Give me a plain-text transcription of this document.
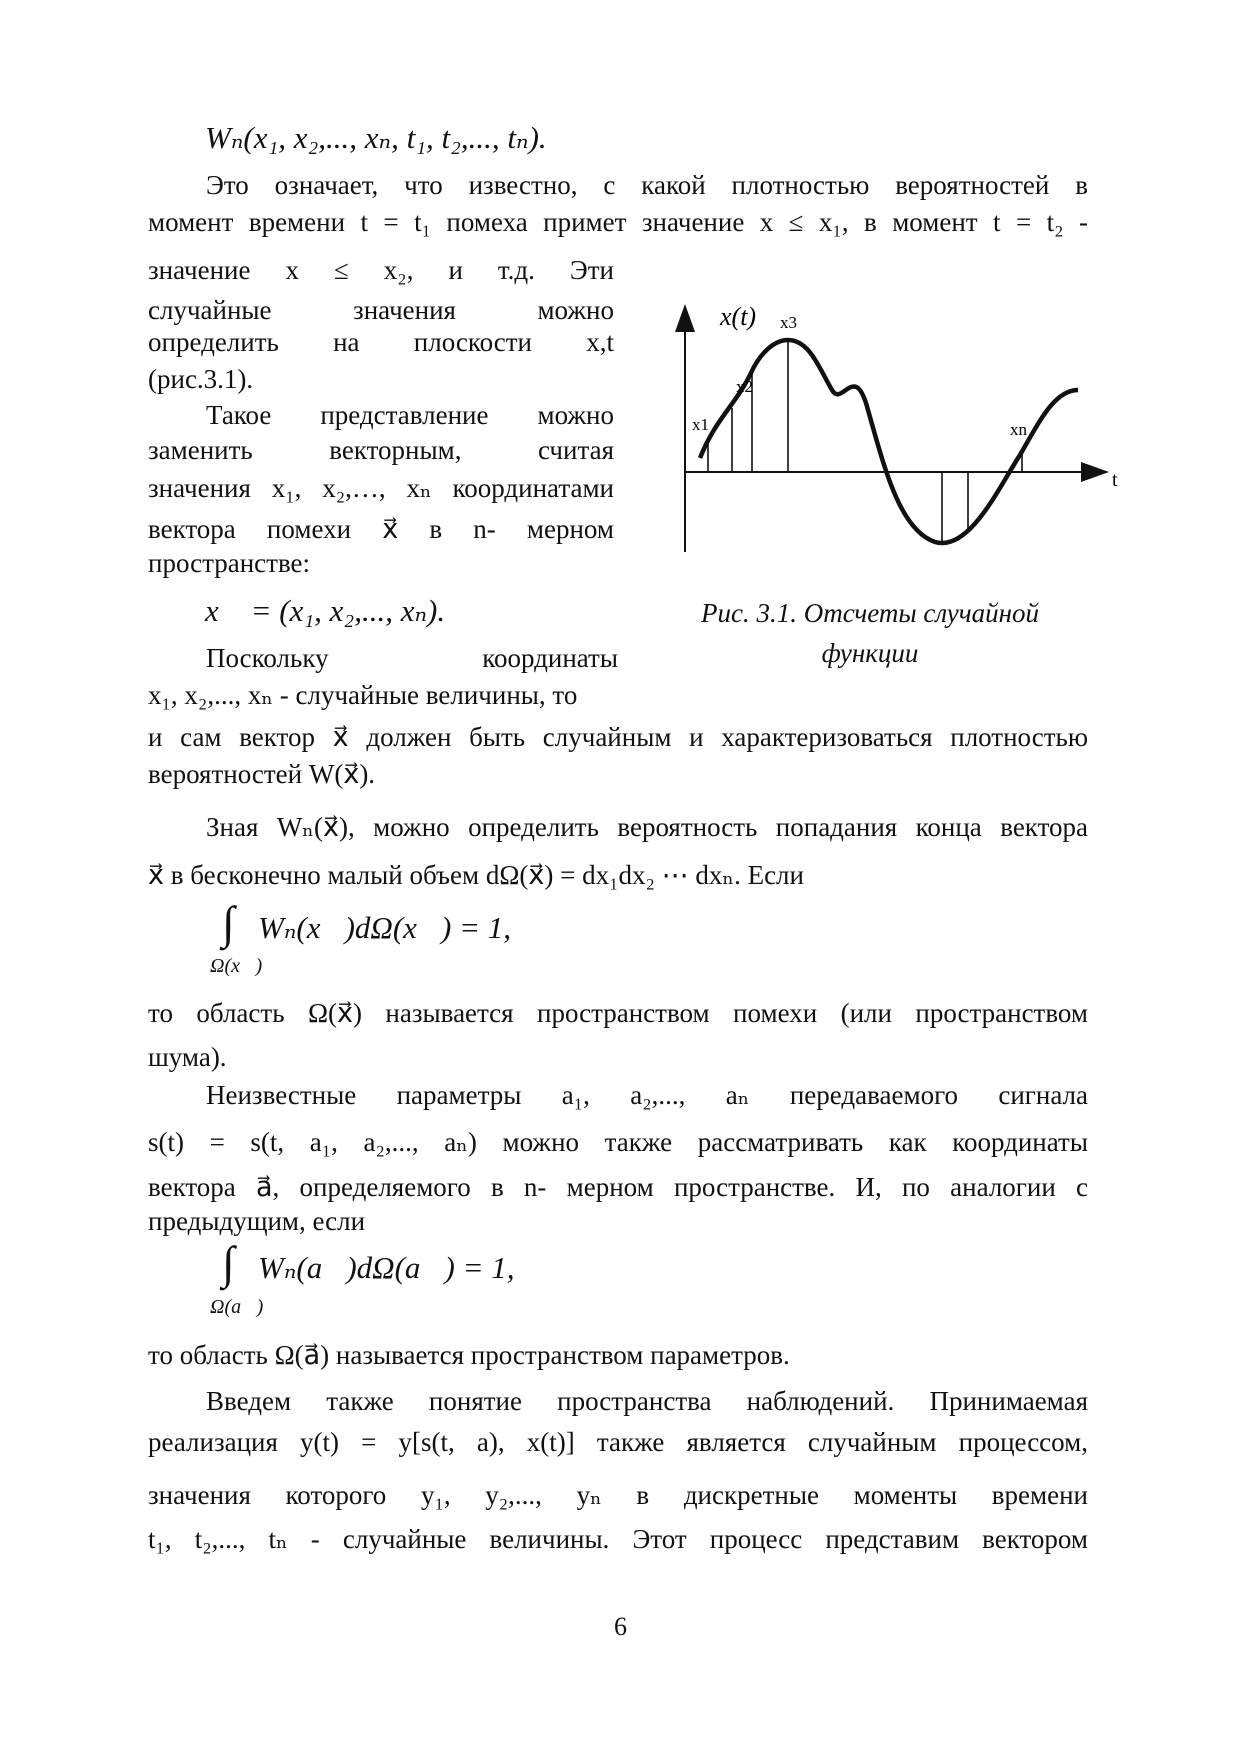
Wₙ(x₁, x₂,..., xₙ, t₁, t₂,..., tₙ).
Это означает, что известно, с какой плотностью вероятностей в
момент времени t = t₁ помеха примет значение x ≤ x₁, в момент t = t₂ -
значение x ≤ x₂, и т.д. Эти
случайные значения можно
определить на плоскости x,t
(рис.3.1).
Такое представление можно
заменить векторным, считая
значения x₁, x₂,…, xₙ координатами
вектора помехи x⃗ в n- мерном
пространстве:
x⃗ = (x₁, x₂,..., xₙ).
Поскольку координаты
x₁, x₂,..., xₙ - случайные величины, то
и сам вектор x⃗ должен быть случайным и характеризоваться плотностью
вероятностей W(x⃗).
Зная Wₙ(x⃗), можно определить вероятность попадания конца вектора
x⃗ в бесконечно малый объем dΩ(x⃗) = dx₁dx₂ ⋯ dxₙ. Если
∫ Wₙ(x⃗)dΩ(x⃗) = 1,
Ω(x⃗)
то область Ω(x⃗) называется пространством помехи (или пространством
шума).
Неизвестные параметры a₁, a₂,..., aₙ передаваемого сигнала
s(t) = s(t, a₁, a₂,..., aₙ) можно также рассматривать как координаты
вектора a⃗, определяемого в n- мерном пространстве. И, по аналогии с
предыдущим, если
∫ Wₙ(a⃗)dΩ(a⃗) = 1,
Ω(a⃗)
то область Ω(a⃗) называется пространством параметров.
Введем также понятие пространства наблюдений. Принимаемая
реализация y(t) = y[s(t, a), x(t)] также является случайным процессом,
значения которого y₁, y₂,..., yₙ в дискретные моменты времени
t₁, t₂,..., tₙ - случайные величины. Этот процесс представим вектором
x(t)
t
x1
x2
x3
xn
Рис. 3.1. Отсчеты случайной
функции
6
